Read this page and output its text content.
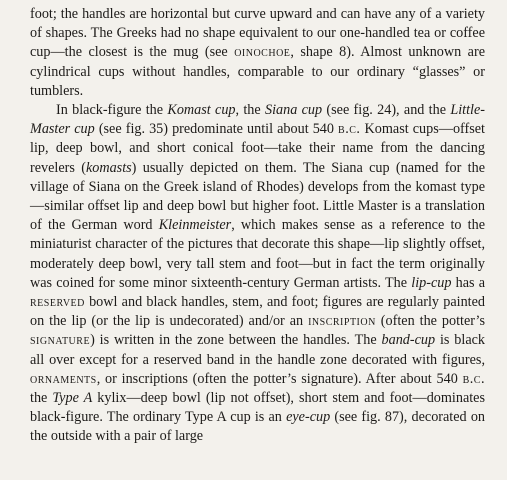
foot; the handles are horizontal but curve upward and can have any of a variety of shapes. The Greeks had no shape equivalent to our one-handled tea or coffee cup—the closest is the mug (see oinochoe, shape 8). Almost unknown are cylindrical cups without handles, comparable to our ordinary “glasses” or tumblers.

In black-figure the Komast cup, the Siana cup (see fig. 24), and the Little-Master cup (see fig. 35) predominate until about 540 b.c. Komast cups—offset lip, deep bowl, and short conical foot—take their name from the dancing revelers (komasts) usually depicted on them. The Siana cup (named for the village of Siana on the Greek island of Rhodes) develops from the komast type—similar offset lip and deep bowl but higher foot. Little Master is a translation of the German word Kleinmeister, which makes sense as a reference to the miniaturist character of the pictures that decorate this shape—lip slightly offset, moderately deep bowl, very tall stem and foot—but in fact the term originally was coined for some minor sixteenth-century German artists. The lip-cup has a reserved bowl and black handles, stem, and foot; figures are regularly painted on the lip (or the lip is undecorated) and/or an inscription (often the potter’s signature) is written in the zone between the handles. The band-cup is black all over except for a reserved band in the handle zone decorated with figures, ornaments, or inscriptions (often the potter’s signature). After about 540 b.c. the Type A kylix—deep bowl (lip not offset), short stem and foot—dominates black-figure. The ordinary Type A cup is an eye-cup (see fig. 87), decorated on the outside with a pair of large
